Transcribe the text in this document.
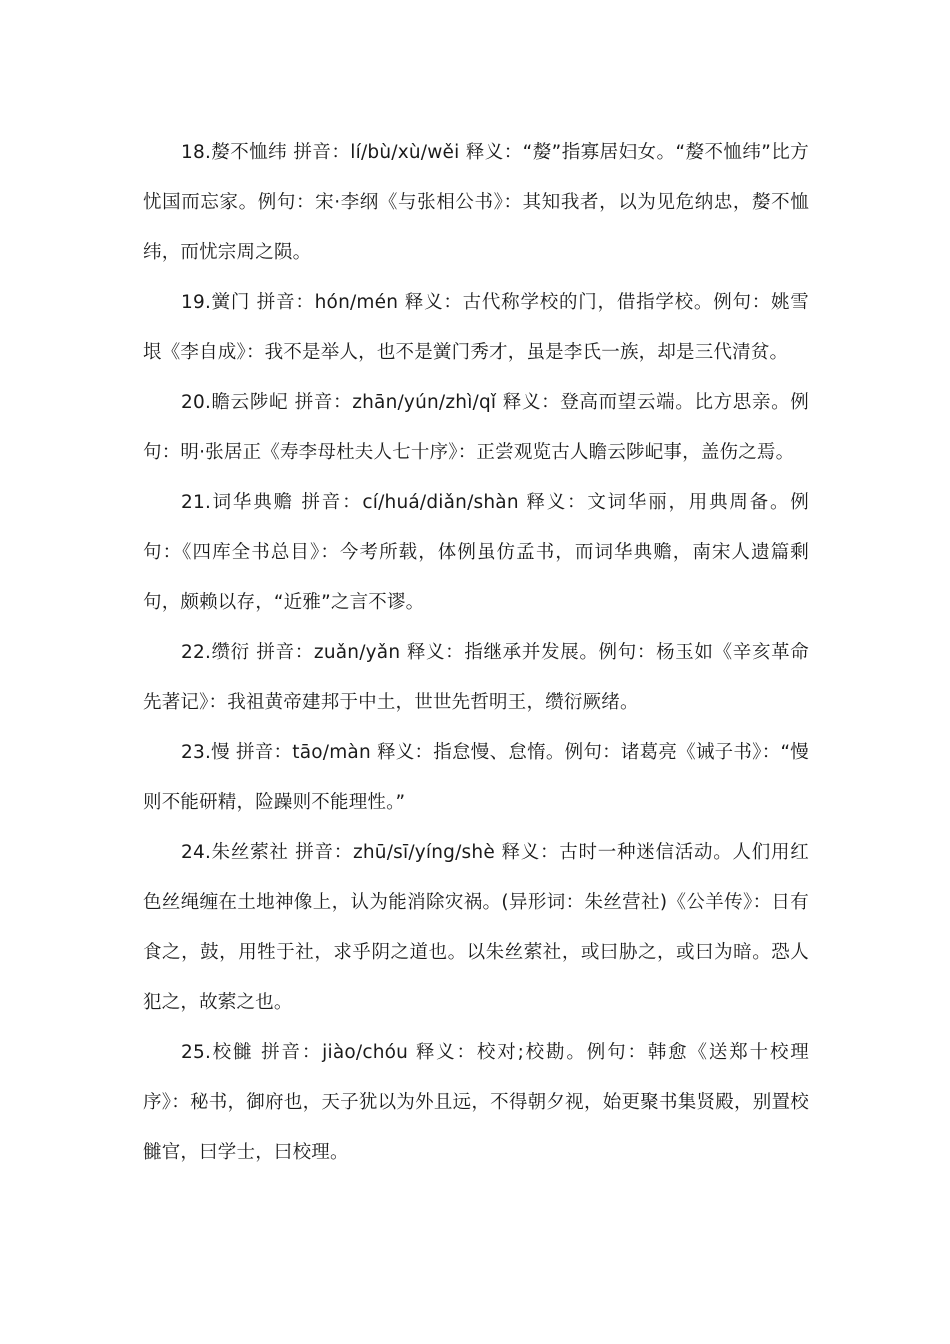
18.嫠不恤纬 拼音：lí/bù/xù/wěi 释义：“嫠”指寡居妇女。“嫠不恤纬”比方忧国而忘家。例句：宋·李纲《与张相公书》：其知我者，以为见危纳忠，嫠不恤纬，而忧宗周之陨。

19.黉门 拼音：hón/mén 释义：古代称学校的门，借指学校。例句：姚雪垠《李自成》：我不是举人，也不是黉门秀才，虽是李氏一族，却是三代清贫。

20.瞻云陟屺 拼音：zhān/yún/zhì/qǐ 释义：登高而望云端。比方思亲。例句：明·张居正《寿李母杜夫人七十序》：正尝观览古人瞻云陟屺事，盖伤之焉。

21.词华典赡 拼音：cí/huá/diǎn/shàn 释义：文词华丽，用典周备。例句：《四库全书总目》：今考所载，体例虽仿孟书，而词华典赡，南宋人遗篇剩句，颇赖以存，“近雅”之言不谬。

22.缵衍 拼音：zuǎn/yǎn 释义：指继承并发展。例句：杨玉如《辛亥革命先著记》：我祖黄帝建邦于中土，世世先哲明王，缵衍厥绪。

23.慢 拼音：tāo/màn 释义：指怠慢、怠惰。例句：诸葛亮《诫子书》：“慢则不能研精，险躁则不能理性。”

24.朱丝萦社 拼音：zhū/sī/yíng/shè 释义：古时一种迷信活动。人们用红色丝绳缠在土地神像上，认为能消除灾祸。(异形词：朱丝营社)《公羊传》：日有食之，鼓，用牲于社，求乎阴之道也。以朱丝萦社，或曰胁之，或曰为暗。恐人犯之，故萦之也。

25.校雠 拼音：jiào/chóu 释义：校对;校勘。例句：韩愈《送郑十校理序》：秘书，御府也，天子犹以为外且远，不得朝夕视，始更聚书集贤殿，别置校雠官，曰学士，曰校理。
